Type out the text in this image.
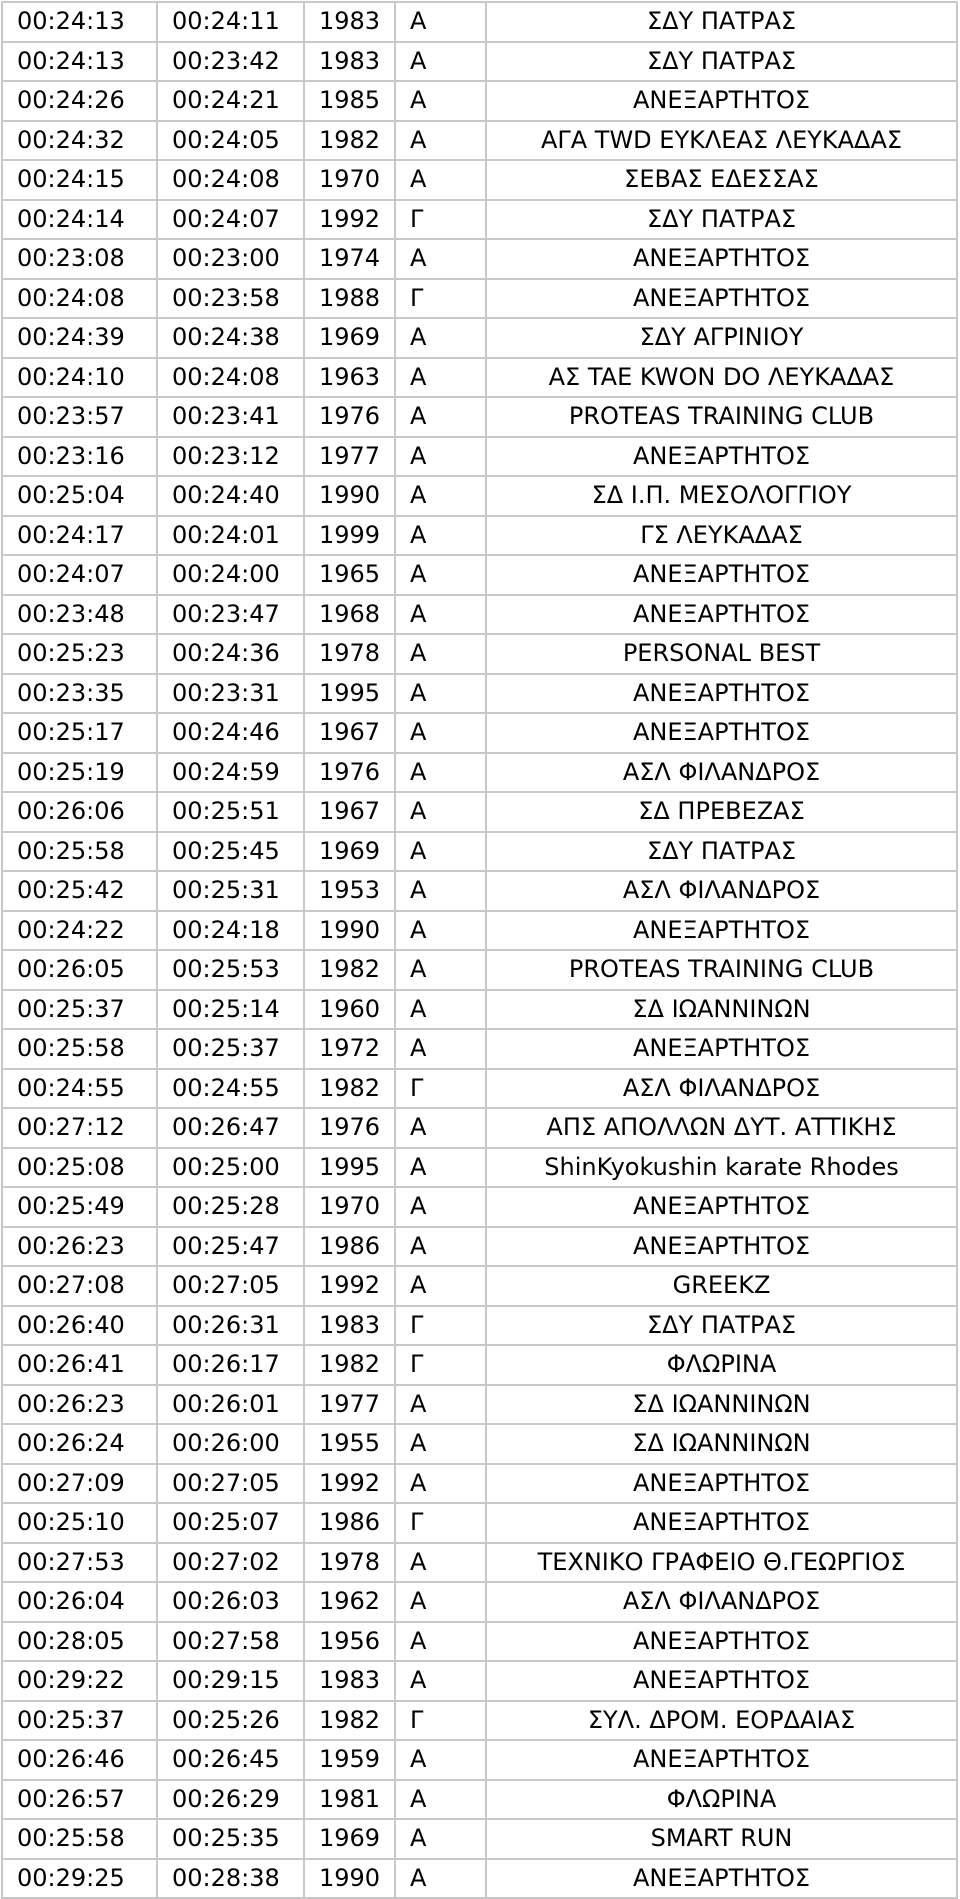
00:24:13	00:24:11	1983	Α	ΣΔΥ ΠΑΤΡΑΣ
00:24:13	00:23:42	1983	Α	ΣΔΥ ΠΑΤΡΑΣ
00:24:26	00:24:21	1985	Α	ΑΝΕΞΑΡΤΗΤΟΣ
00:24:32	00:24:05	1982	Α	ΑΓΑ TWD ΕΥΚΛΕΑΣ ΛΕΥΚΑΔΑΣ
00:24:15	00:24:08	1970	Α	ΣΕΒΑΣ ΕΔΕΣΣΑΣ
00:24:14	00:24:07	1992	Γ	ΣΔΥ ΠΑΤΡΑΣ
00:23:08	00:23:00	1974	Α	ΑΝΕΞΑΡΤΗΤΟΣ
00:24:08	00:23:58	1988	Γ	ΑΝΕΞΑΡΤΗΤΟΣ
00:24:39	00:24:38	1969	Α	ΣΔΥ ΑΓΡΙΝΙΟΥ
00:24:10	00:24:08	1963	Α	ΑΣ TAE KWON DO ΛΕΥΚΑΔΑΣ
00:23:57	00:23:41	1976	Α	PROTEAS TRAINING CLUB
00:23:16	00:23:12	1977	Α	ΑΝΕΞΑΡΤΗΤΟΣ
00:25:04	00:24:40	1990	Α	ΣΔ Ι.Π. ΜΕΣΟΛΟΓΓΙΟΥ
00:24:17	00:24:01	1999	Α	ΓΣ ΛΕΥΚΑΔΑΣ
00:24:07	00:24:00	1965	Α	ΑΝΕΞΑΡΤΗΤΟΣ
00:23:48	00:23:47	1968	Α	ΑΝΕΞΑΡΤΗΤΟΣ
00:25:23	00:24:36	1978	Α	PERSONAL BEST
00:23:35	00:23:31	1995	Α	ΑΝΕΞΑΡΤΗΤΟΣ
00:25:17	00:24:46	1967	Α	ΑΝΕΞΑΡΤΗΤΟΣ
00:25:19	00:24:59	1976	Α	ΑΣΛ ΦΙΛΑΝΔΡΟΣ
00:26:06	00:25:51	1967	Α	ΣΔ ΠΡΕΒΕΖΑΣ
00:25:58	00:25:45	1969	Α	ΣΔΥ ΠΑΤΡΑΣ
00:25:42	00:25:31	1953	Α	ΑΣΛ ΦΙΛΑΝΔΡΟΣ
00:24:22	00:24:18	1990	Α	ΑΝΕΞΑΡΤΗΤΟΣ
00:26:05	00:25:53	1982	Α	PROTEAS TRAINING CLUB
00:25:37	00:25:14	1960	Α	ΣΔ ΙΩΑΝΝΙΝΩΝ
00:25:58	00:25:37	1972	Α	ΑΝΕΞΑΡΤΗΤΟΣ
00:24:55	00:24:55	1982	Γ	ΑΣΛ ΦΙΛΑΝΔΡΟΣ
00:27:12	00:26:47	1976	Α	ΑΠΣ ΑΠΟΛΛΩΝ ΔΥΤ. ΑΤΤΙΚΗΣ
00:25:08	00:25:00	1995	Α	ShinKyokushin karate Rhodes
00:25:49	00:25:28	1970	Α	ΑΝΕΞΑΡΤΗΤΟΣ
00:26:23	00:25:47	1986	Α	ΑΝΕΞΑΡΤΗΤΟΣ
00:27:08	00:27:05	1992	Α	GREEKZ
00:26:40	00:26:31	1983	Γ	ΣΔΥ ΠΑΤΡΑΣ
00:26:41	00:26:17	1982	Γ	ΦΛΩΡΙΝΑ
00:26:23	00:26:01	1977	Α	ΣΔ ΙΩΑΝΝΙΝΩΝ
00:26:24	00:26:00	1955	Α	ΣΔ ΙΩΑΝΝΙΝΩΝ
00:27:09	00:27:05	1992	Α	ΑΝΕΞΑΡΤΗΤΟΣ
00:25:10	00:25:07	1986	Γ	ΑΝΕΞΑΡΤΗΤΟΣ
00:27:53	00:27:02	1978	Α	ΤΕΧΝΙΚΟ ΓΡΑΦΕΙΟ Θ.ΓΕΩΡΓΙΟΣ
00:26:04	00:26:03	1962	Α	ΑΣΛ ΦΙΛΑΝΔΡΟΣ
00:28:05	00:27:58	1956	Α	ΑΝΕΞΑΡΤΗΤΟΣ
00:29:22	00:29:15	1983	Α	ΑΝΕΞΑΡΤΗΤΟΣ
00:25:37	00:25:26	1982	Γ	ΣΥΛ. ΔΡΟΜ. ΕΟΡΔΑΙΑΣ
00:26:46	00:26:45	1959	Α	ΑΝΕΞΑΡΤΗΤΟΣ
00:26:57	00:26:29	1981	Α	ΦΛΩΡΙΝΑ
00:25:58	00:25:35	1969	Α	SMART RUN
00:29:25	00:28:38	1990	Α	ΑΝΕΞΑΡΤΗΤΟΣ
